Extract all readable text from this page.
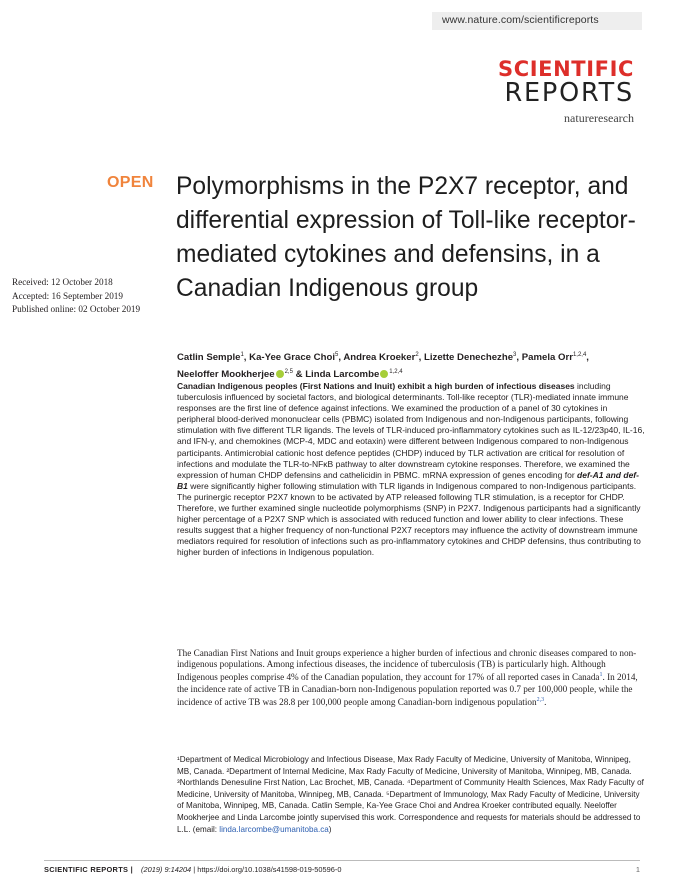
www.nature.com/scientificreports
SCIENTIFIC
REPORTS
natureresearch
OPEN Polymorphisms in the P2X7 receptor, and differential expression of Toll-like receptor-mediated cytokines and defensins, in a Canadian Indigenous group
Received: 12 October 2018
Accepted: 16 September 2019
Published online: 02 October 2019
Catlin Semple$^1$, Ka-Yee Grace Choi$^5$, Andrea Kroeker$^2$, Lizette Denechezhe$^3$, Pamela Orr$^{1,2,4}$,
Neeloffer Mookherjee $^{2,5}$ & Linda Larcombe $^{1,2,4}$
Canadian Indigenous peoples (First Nations and Inuit) exhibit a high burden of infectious diseases including tuberculosis influenced by societal factors, and biological determinants. Toll-like receptor (TLR)-mediated innate immune responses are the first line of defence against infections. We examined the production of a panel of 30 cytokines in peripheral blood-derived mononuclear cells (PBMC) isolated from Indigenous and non-Indigenous participants, following stimulation with five different TLR ligands. The levels of TLR-induced pro-inflammatory cytokines such as IL-12/23p40, IL-16, and IFN-γ, and chemokines (MCP-4, MDC and eotaxin) were different between Indigenous compared to non-Indigenous participants. Antimicrobial cationic host defence peptides (CHDP) induced by TLR activation are critical for resolution of infections and modulate the TLR-to-NFκB pathway to alter downstream cytokine responses. Therefore, we examined the expression of human CHDP defensins and cathelicidin in PBMC. mRNA expression of genes encoding for def-A1 and def-B1 were significantly higher following stimulation with TLR ligands in Indigenous compared to non-Indigenous participants. The purinergic receptor P2X7 known to be activated by ATP released following TLR stimulation, is a receptor for CHDP. Therefore, we further examined single nucleotide polymorphisms (SNP) in P2X7. Indigenous participants had a significantly higher percentage of a P2X7 SNP which is associated with reduced function and lower ability to clear infections. These results suggest that a higher frequency of non-functional P2X7 receptors may influence the activity of downstream immune mediators required for resolution of infections such as pro-inflammatory cytokines and CHDP defensins, thus contributing to higher burden of infections in Indigenous population.
The Canadian First Nations and Inuit groups experience a higher burden of infectious and chronic diseases compared to non-indigenous populations. Among infectious diseases, the incidence of tuberculosis (TB) is particularly high. Although Indigenous peoples comprise 4% of the Canadian population, they account for 17% of all reported cases in Canada$^1$. In 2014, the incidence rate of active TB in Canadian-born non-Indigenous population reported was 0.7 per 100,000 people, while the incidence of active TB was 28.8 per 100,000 people among Canadian-born indigenous population$^{2,3}$.
¹Department of Medical Microbiology and Infectious Disease, Max Rady Faculty of Medicine, University of Manitoba, Winnipeg, MB, Canada. ²Department of Internal Medicine, Max Rady Faculty of Medicine, University of Manitoba, Winnipeg, MB, Canada. ³Northlands Denesuline First Nation, Lac Brochet, MB, Canada. ⁴Department of Community Health Sciences, Max Rady Faculty of Medicine, University of Manitoba, Winnipeg, MB, Canada. ⁵Department of Immunology, Max Rady Faculty of Medicine, University of Manitoba, Winnipeg, MB, Canada. Catlin Semple, Ka-Yee Grace Choi and Andrea Kroeker contributed equally. Neeloffer Mookherjee and Linda Larcombe jointly supervised this work. Correspondence and requests for materials should be addressed to L.L. (email: linda.larcombe@umanitoba.ca)
SCIENTIFIC REPORTS | (2019) 9:14204 | https://doi.org/10.1038/s41598-019-50596-0	1
